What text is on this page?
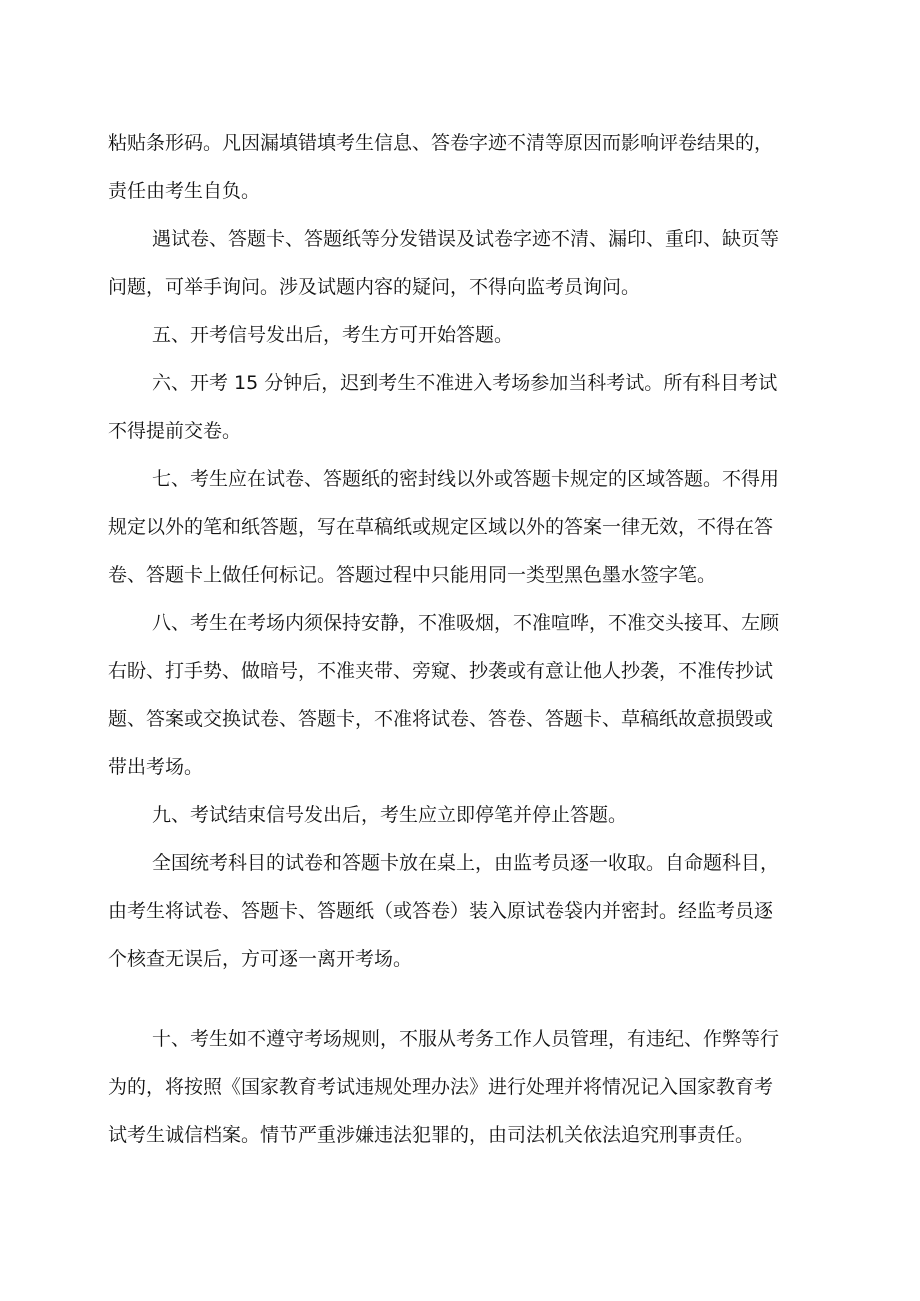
粘贴条形码。凡因漏填错填考生信息、答卷字迹不清等原因而影响评卷结果的，
责任由考生自负。
遇试卷、答题卡、答题纸等分发错误及试卷字迹不清、漏印、重印、缺页等
问题，可举手询问。涉及试题内容的疑问，不得向监考员询问。
五、开考信号发出后，考生方可开始答题。
六、开考 15 分钟后，迟到考生不准进入考场参加当科考试。所有科目考试
不得提前交卷。
七、考生应在试卷、答题纸的密封线以外或答题卡规定的区域答题。不得用
规定以外的笔和纸答题，写在草稿纸或规定区域以外的答案一律无效，不得在答
卷、答题卡上做任何标记。答题过程中只能用同一类型黑色墨水签字笔。
八、考生在考场内须保持安静，不准吸烟，不准喧哗，不准交头接耳、左顾
右盼、打手势、做暗号，不准夹带、旁窥、抄袭或有意让他人抄袭，不准传抄试
题、答案或交换试卷、答题卡，不准将试卷、答卷、答题卡、草稿纸故意损毁或
带出考场。
九、考试结束信号发出后，考生应立即停笔并停止答题。
全国统考科目的试卷和答题卡放在桌上，由监考员逐一收取。自命题科目，
由考生将试卷、答题卡、答题纸（或答卷）装入原试卷袋内并密封。经监考员逐
个核查无误后，方可逐一离开考场。
十、考生如不遵守考场规则，不服从考务工作人员管理，有违纪、作弊等行
为的，将按照《国家教育考试违规处理办法》进行处理并将情况记入国家教育考
试考生诚信档案。情节严重涉嫌违法犯罪的，由司法机关依法追究刑事责任。
